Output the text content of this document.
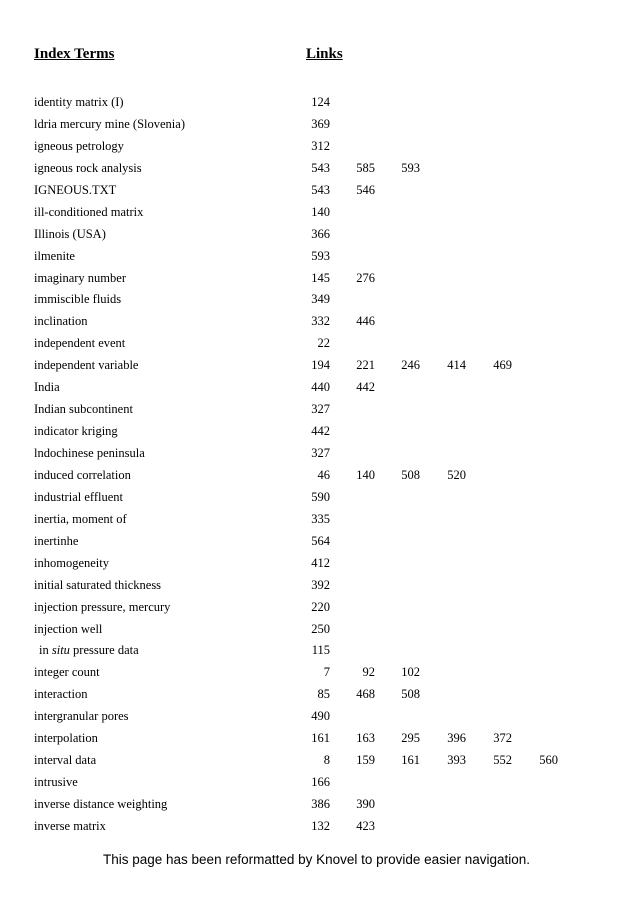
Index Terms	Links
identity matrix (I)	124
ldria mercury mine (Slovenia)	369
igneous petrology	312
igneous rock analysis	543	585	593
IGNEOUS.TXT	543	546
ill-conditioned matrix	140
Illinois (USA)	366
ilmenite	593
imaginary number	145	276
immiscible fluids	349
inclination	332	446
independent event	22
independent variable	194	221	246	414	469
India	440	442
Indian subcontinent	327
indicator kriging	442
lndochinese peninsula	327
induced correlation	46	140	508	520
industrial effluent	590
inertia, moment of	335
inertinhe	564
inhomogeneity	412
initial saturated thickness	392
injection pressure, mercury	220
injection well	250
in situ pressure data	115
integer count	7	92	102
interaction	85	468	508
intergranular pores	490
interpolation	161	163	295	396	372
interval data	8	159	161	393	552	560
intrusive	166
inverse distance weighting	386	390
inverse matrix	132	423
This page has been reformatted by Knovel to provide easier navigation.
